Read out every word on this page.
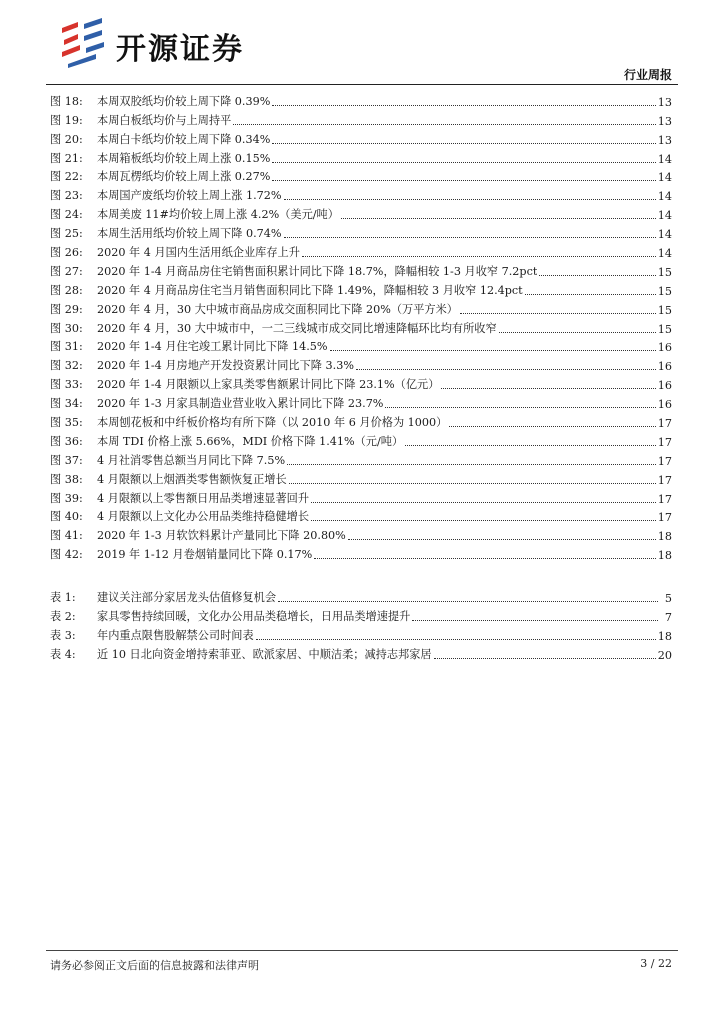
开源证券
行业周报
图 18:	本周双胶纸均价较上周下降 0.39%	13
图 19:	本周白板纸均价与上周持平	13
图 20:	本周白卡纸均价较上周下降 0.34%	13
图 21:	本周箱板纸均价较上周上涨 0.15%	14
图 22:	本周瓦楞纸均价较上周上涨 0.27%	14
图 23:	本周国产废纸均价较上周上涨 1.72%	14
图 24:	本周美废 11#均价较上周上涨 4.2%（美元/吨）	14
图 25:	本周生活用纸均价较上周下降 0.74%	14
图 26:	2020 年 4 月国内生活用纸企业库存上升	14
图 27:	2020 年 1-4 月商品房住宅销售面积累计同比下降 18.7%，降幅相较 1-3 月收窄 7.2pct	15
图 28:	2020 年 4 月商品房住宅当月销售面积同比下降 1.49%，降幅相较 3 月收窄 12.4pct	15
图 29:	2020 年 4 月，30 大中城市商品房成交面积同比下降 20%（万平方米）	15
图 30:	2020 年 4 月，30 大中城市中，一二三线城市成交同比增速降幅环比均有所收窄	15
图 31:	2020 年 1-4 月住宅竣工累计同比下降 14.5%	16
图 32:	2020 年 1-4 月房地产开发投资累计同比下降 3.3%	16
图 33:	2020 年 1-4 月限额以上家具类零售额累计同比下降 23.1%（亿元）	16
图 34:	2020 年 1-3 月家具制造业营业收入累计同比下降 23.7%	16
图 35:	本周刨花板和中纤板价格均有所下降（以 2010 年 6 月价格为 1000）	17
图 36:	本周 TDI 价格上涨 5.66%，MDI 价格下降 1.41%（元/吨）	17
图 37:	4 月社消零售总额当月同比下降 7.5%	17
图 38:	4 月限额以上烟酒类零售额恢复正增长	17
图 39:	4 月限额以上零售额日用品类增速显著回升	17
图 40:	4 月限额以上文化办公用品类维持稳健增长	17
图 41:	2020 年 1-3 月软饮料累计产量同比下降 20.80%	18
图 42:	2019 年 1-12 月卷烟销量同比下降 0.17%	18
表 1:	建议关注部分家居龙头估值修复机会	5
表 2:	家具零售持续回暖，文化办公用品类稳增长，日用品类增速提升	7
表 3:	年内重点限售股解禁公司时间表	18
表 4:	近 10 日北向资金增持索菲亚、欧派家居、中顺洁柔；减持志邦家居	20
请务必参阅正文后面的信息披露和法律声明	3 / 22
